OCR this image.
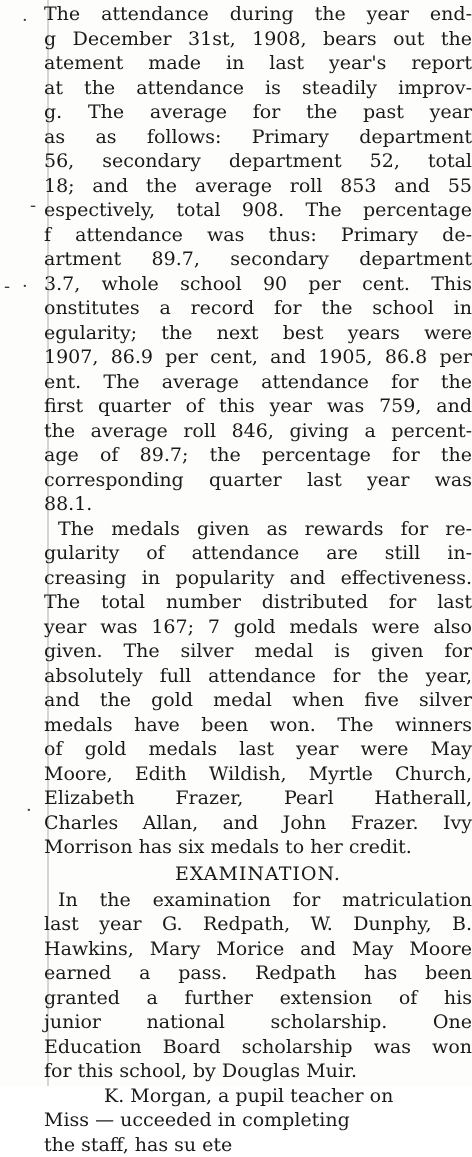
·
-
- ·
·
The attendance during the year end-
g December 31st, 1908, bears out the
atement made in last year's report
at the attendance is steadily improv-
g. The average for the past year
as as follows: Primary department
56, secondary department 52, total
18; and the average roll 853 and 55
espectively, total 908. The percentage
f attendance was thus: Primary de-
artment 89.7, secondary department
3.7, whole school 90 per cent. This
onstitutes a record for the school in
egularity; the next best years were
1907, 86.9 per cent, and 1905, 86.8 per
ent. The average attendance for the
first quarter of this year was 759, and
the average roll 846, giving a percent-
age of 89.7; the percentage for the
corresponding quarter last year was
88.1.
The medals given as rewards for re-
gularity of attendance are still in-
creasing in popularity and effectiveness.
The total number distributed for last
year was 167; 7 gold medals were also
given. The silver medal is given for
absolutely full attendance for the year,
and the gold medal when five silver
medals have been won. The winners
of gold medals last year were May
Moore, Edith Wildish, Myrtle Church,
Elizabeth Frazer, Pearl Hatherall,
Charles Allan, and John Frazer. Ivy
Morrison has six medals to her credit.
EXAMINATION.
In the examination for matriculation
last year G. Redpath, W. Dunphy, B.
Hawkins, Mary Morice and May Moore
earned a pass. Redpath has been
granted a further extension of his
junior national scholarship. One
Education Board scholarship was won
for this school, by Douglas Muir.
K. Morgan, a pupil teacher on
Miss — ucceeded in completing
the staff, has su ete
